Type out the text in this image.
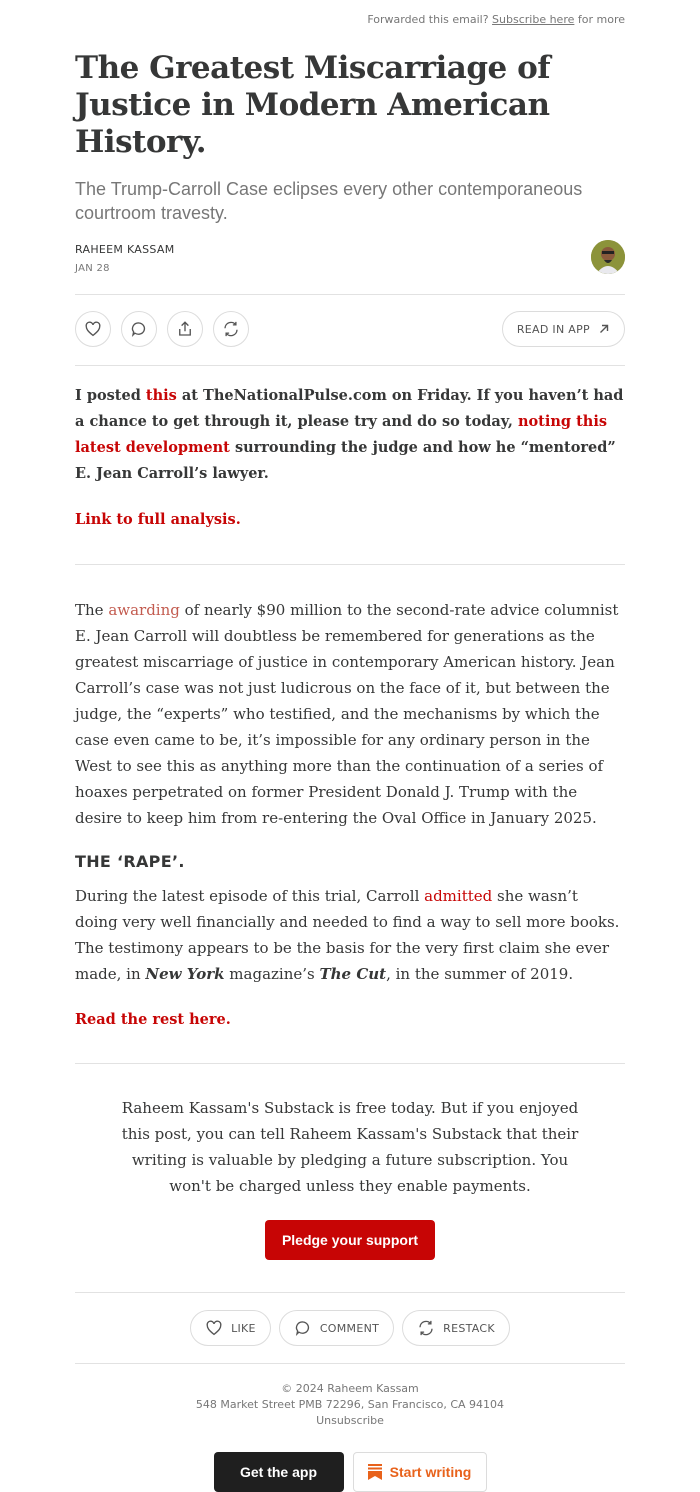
Forwarded this email? Subscribe here for more
The Greatest Miscarriage of Justice in Modern American History.
The Trump-Carroll Case eclipses every other contemporaneous courtroom travesty.
RAHEEM KASSAM
JAN 28
READ IN APP

I posted this at TheNationalPulse.com on Friday. If you haven’t had a chance to get through it, please try and do so today, noting this latest development surrounding the judge and how he “mentored” E. Jean Carroll’s lawyer.

Link to full analysis.

The awarding of nearly $90 million to the second-rate advice columnist E. Jean Carroll will doubtless be remembered for generations as the greatest miscarriage of justice in contemporary American history. Jean Carroll’s case was not just ludicrous on the face of it, but between the judge, the “experts” who testified, and the mechanisms by which the case even came to be, it’s impossible for any ordinary person in the West to see this as anything more than the continuation of a series of hoaxes perpetrated on former President Donald J. Trump with the desire to keep him from re-entering the Oval Office in January 2025.

THE ‘RAPE’.

During the latest episode of this trial, Carroll admitted she wasn’t doing very well financially and needed to find a way to sell more books. The testimony appears to be the basis for the very first claim she ever made, in New York magazine’s The Cut, in the summer of 2019.

Read the rest here.

Raheem Kassam's Substack is free today. But if you enjoyed this post, you can tell Raheem Kassam's Substack that their writing is valuable by pledging a future subscription. You won't be charged unless they enable payments.

Pledge your support
LIKE	COMMENT	RESTACK
© 2024 Raheem Kassam
548 Market Street PMB 72296, San Francisco, CA 94104
Unsubscribe
Get the app	Start writing
